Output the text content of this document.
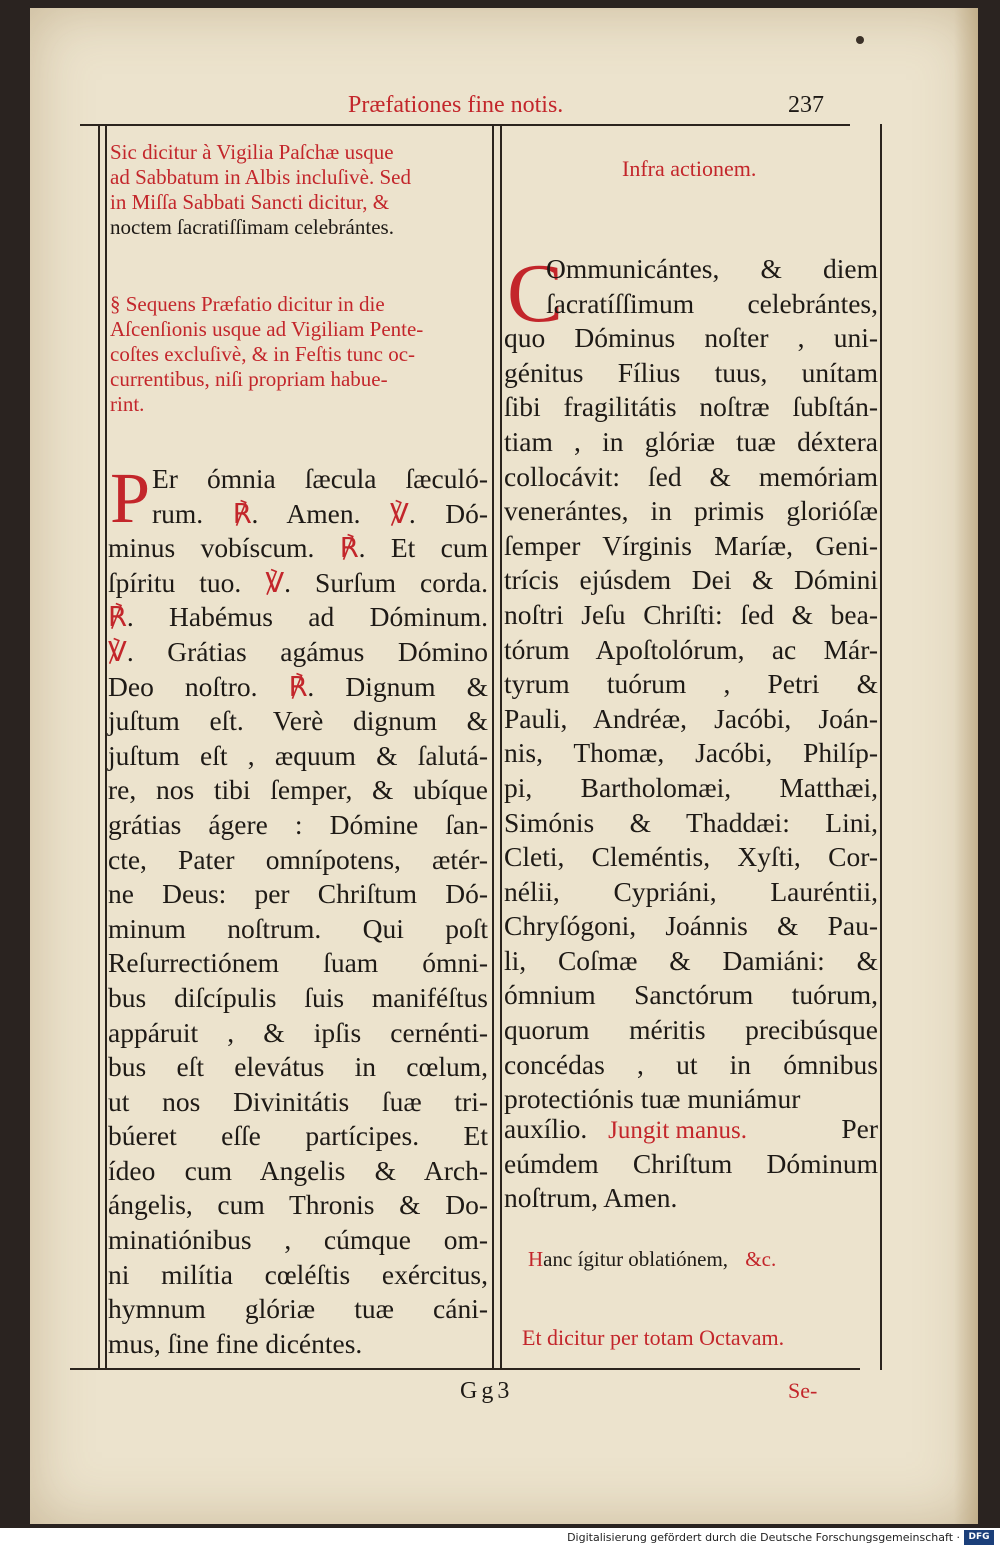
Præfationes fine notis.	237
Sic dicitur à Vigilia Paſchæ usque
ad Sabbatum in Albis incluſivè. Sed
in Miſſa Sabbati Sancti dicitur, &
noctem ſacratiſſimam celebrántes.
§ Sequens Præfatio dicitur in die
Aſcenſionis usque ad Vigiliam Pente-
coſtes excluſivè, & in Feſtis tunc oc-
currentibus, niſi propriam habue-
rint.
P Er ómnia ſæcula ſæculó-
rum. ℟. Amen. ℣. Dó-
minus vobíscum. ℟. Et cum
ſpíritu tuo. ℣. Surſum corda.
℟. Habémus ad Dóminum.
℣. Grátias agámus Dómino
Deo noſtro. ℟. Dignum &
juſtum eſt. Verè dignum &
juſtum eſt , æquum & ſalutá-
re, nos tibi ſemper, & ubíque
grátias ágere : Dómine ſan-
cte, Pater omnípotens, ætér-
ne Deus: per Chriſtum Dó-
minum noſtrum. Qui poſt
Reſurrectiónem ſuam ómni-
bus diſcípulis ſuis maniféſtus
appáruit , & ipſis cernénti-
bus eſt elevátus in cœlum,
ut nos Divinitátis ſuæ tri-
búeret eſſe partícipes. Et
ídeo cum Angelis & Arch-
ángelis, cum Thronis & Do-
minatiónibus , cúmque om-
ni milítia cœléſtis exércitus,
hymnum glóriæ tuæ cáni-
mus, ſine fine dicéntes.
Infra actionem.
C
Ommunicántes, & diem
ſacratíſſimum celebrántes,
quo Dóminus noſter , uni-
génitus Fílius tuus, unítam
ſibi fragilitátis noſtræ ſubſtán-
tiam , in glóriæ tuæ déxtera
collocávit: ſed & memóriam
venerántes, in primis glorióſæ
ſemper Vírginis Maríæ, Geni-
trícis ejúsdem Dei & Dómini
noſtri Jeſu Chriſti: ſed & bea-
tórum Apoſtolórum, ac Már-
tyrum tuórum , Petri &
Pauli, Andréæ, Jacóbi, Joán-
nis, Thomæ, Jacóbi, Philíp-
pi, Bartholomæi, Matthæi,
Simónis & Thaddæi: Lini,
Cleti, Cleméntis, Xyſti, Cor-
nélii, Cypriáni, Lauréntii,
Chryſógoni, Joánnis & Pau-
li, Coſmæ & Damiáni: &
ómnium Sanctórum tuórum,
quorum méritis precibúsque
concédas , ut in ómnibus
protectiónis tuæ muniámur
auxílio. Jungit manus.	Per
eúmdem Chriſtum Dóminum
noſtrum, Amen.
Hanc ígitur oblatiónem, &c.
Et dicitur per totam Octavam.
Gg3	Se-
Digitalisierung gefördert durch die Deutsche Forschungsgemeinschaft · DFG
